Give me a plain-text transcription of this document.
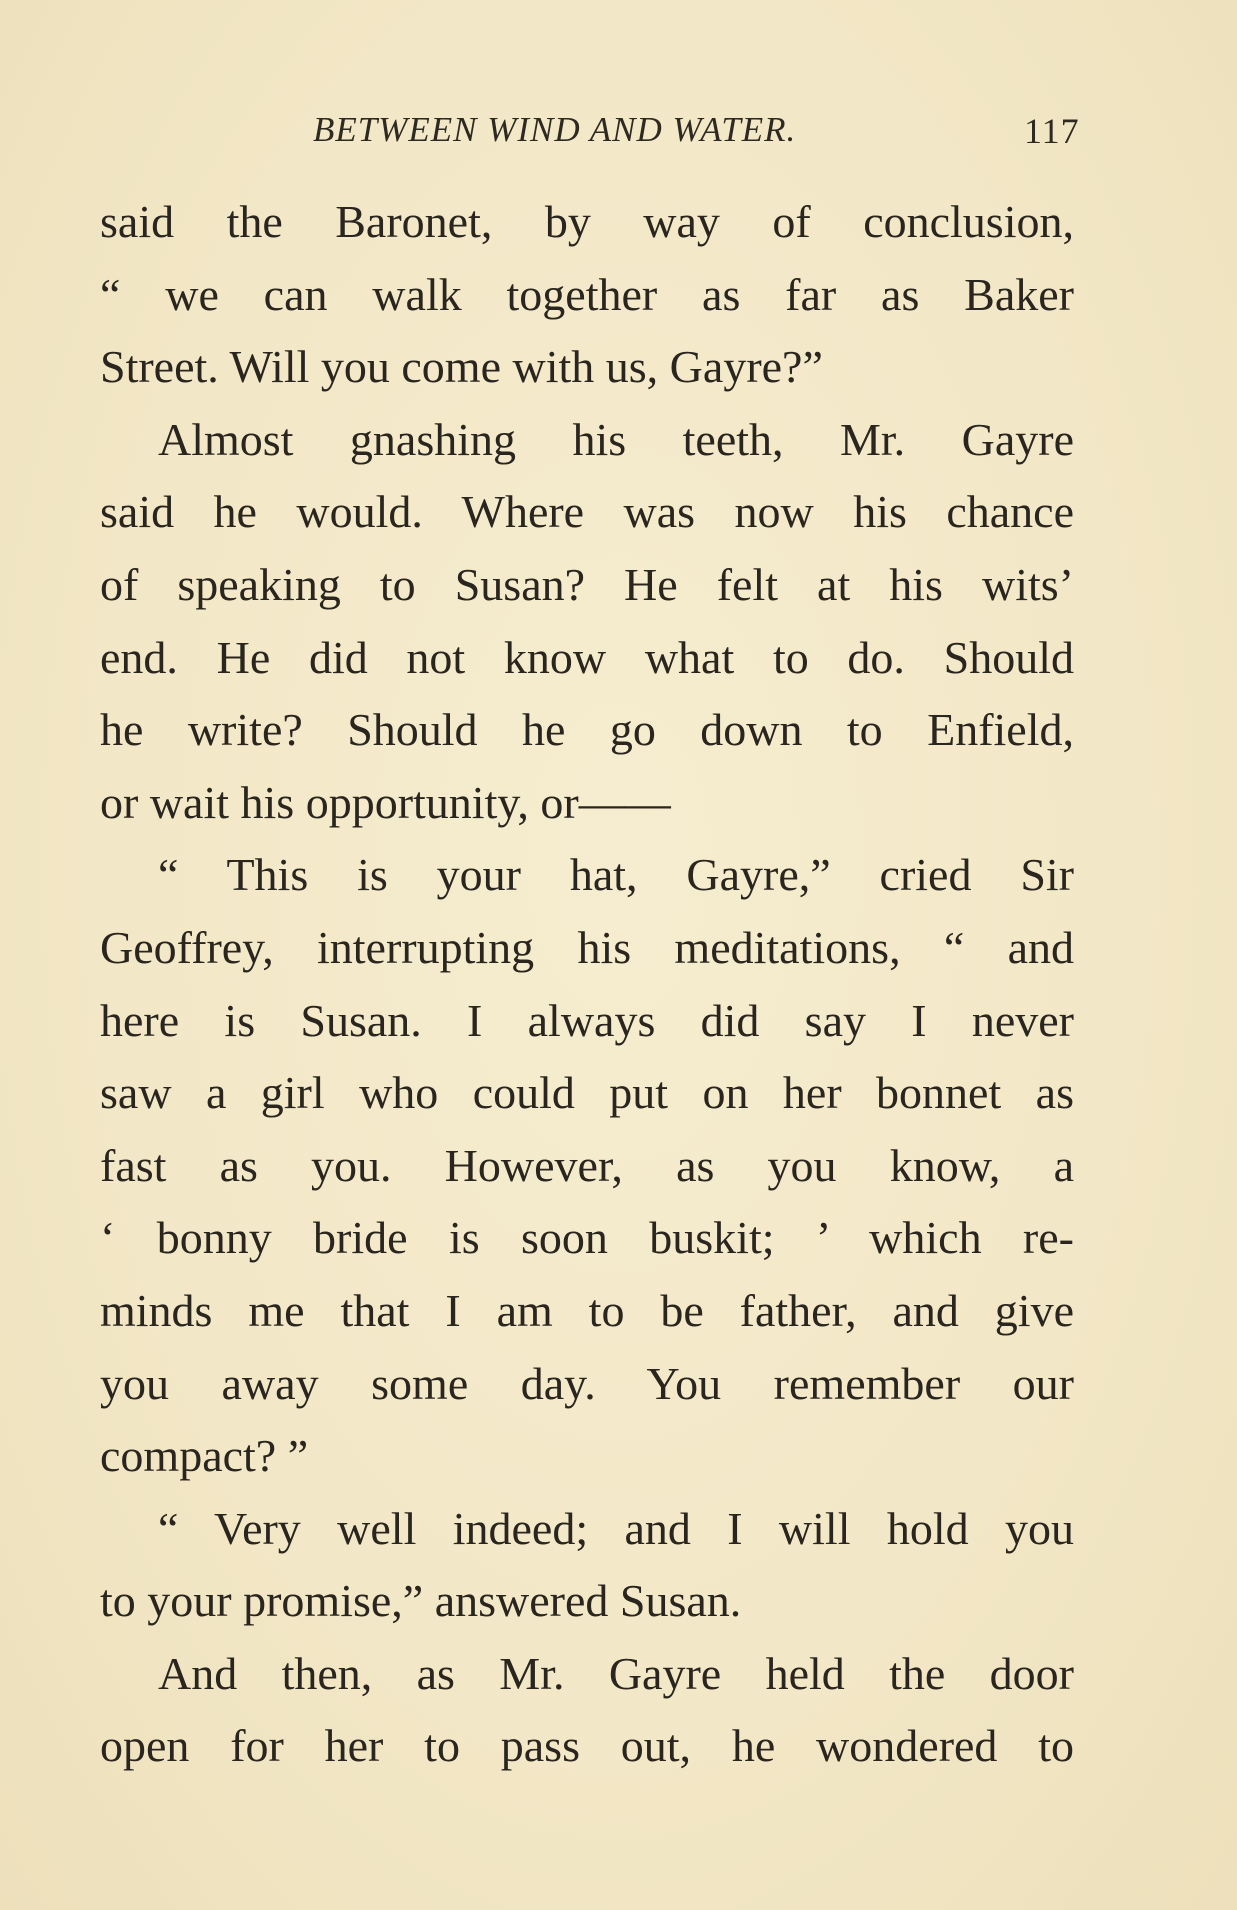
BETWEEN WIND AND WATER.	117
said the Baronet, by way of conclusion,
“ we can walk together as far as Baker
Street. Will you come with us, Gayre?”
Almost gnashing his teeth, Mr. Gayre
said he would. Where was now his chance
of speaking to Susan? He felt at his wits’
end. He did not know what to do. Should
he write? Should he go down to Enfield,
or wait his opportunity, or——
“ This is your hat, Gayre,” cried Sir
Geoffrey, interrupting his meditations, “ and
here is Susan. I always did say I never
saw a girl who could put on her bonnet as
fast as you. However, as you know, a
‘ bonny bride is soon buskit; ’ which re-
minds me that I am to be father, and give
you away some day. You remember our
compact? ”
“ Very well indeed; and I will hold you
to your promise,” answered Susan.
And then, as Mr. Gayre held the door
open for her to pass out, he wondered to
